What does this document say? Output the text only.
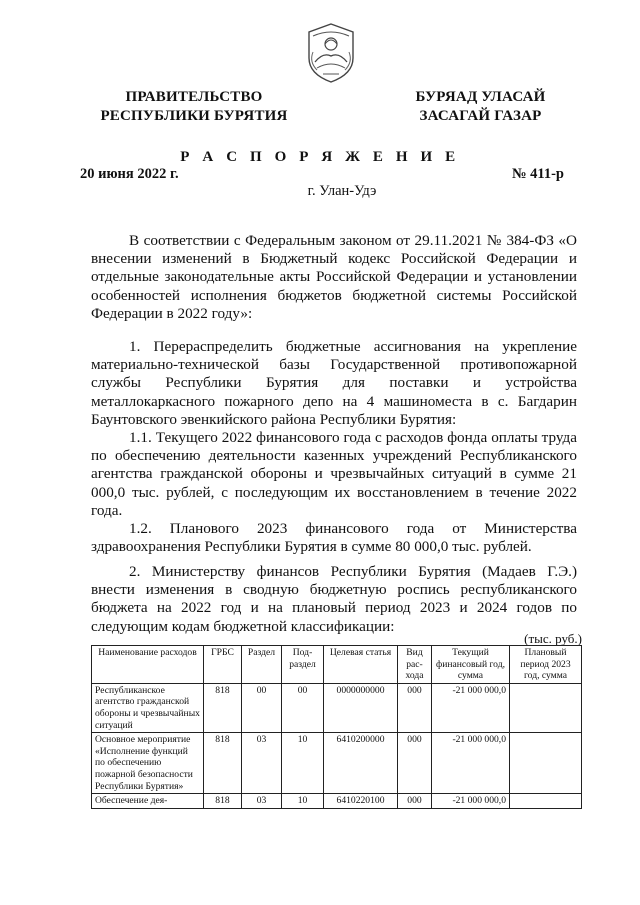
ПРАВИТЕЛЬСТВО
РЕСПУБЛИКИ БУРЯТИЯ
БУРЯАД УЛАСАЙ
ЗАСАГАЙ ГАЗАР
Р А С П О Р Я Ж Е Н И Е
20 июня 2022 г.	№ 411-р
г. Улан-Удэ

В соответствии с Федеральным законом от 29.11.2021 № 384-ФЗ «О внесении изменений в Бюджетный кодекс Российской Федерации и отдельные законодательные акты Российской Федерации и установлении особенностей исполнения бюджетов бюджетной системы Российской Федерации в 2022 году»:

1. Перераспределить бюджетные ассигнования на укрепление материально-технической базы Государственной противопожарной службы Республики Бурятия для поставки и устройства металлокаркасного пожарного депо на 4 машиноместа в с. Багдарин Баунтовского эвенкийского района Республики Бурятия:

1.1. Текущего 2022 финансового года с расходов фонда оплаты труда по обеспечению деятельности казенных учреждений Республиканского агентства гражданской обороны и чрезвычайных ситуаций в сумме 21 000,0 тыс. рублей, с последующим их восстановлением в течение 2022 года.

1.2. Планового 2023 финансового года от Министерства здравоохранения Республики Бурятия в сумме 80 000,0 тыс. рублей.

2. Министерству финансов Республики Бурятия (Мадаев Г.Э.) внести изменения в сводную бюджетную роспись республиканского бюджета на 2022 год и на плановый период 2023 и 2024 годов по следующим кодам бюджетной классификации:

(тыс. руб.)
Наименование расходов	ГРБС	Раздел	Под-раздел	Целевая статья	Вид рас-хода	Текущий финансовый год, сумма	Плановый период 2023 год, сумма
Республиканское агентство гражданской обороны и чрезвычайных ситуаций	818	00	00	0000000000	000	-21 000 000,0	
Основное мероприятие «Исполнение функций по обеспечению пожарной безопасности Республики Бурятия»	818	03	10	6410200000	000	-21 000 000,0	
Обеспечение дея-	818	03	10	6410220100	000	-21 000 000,0	
